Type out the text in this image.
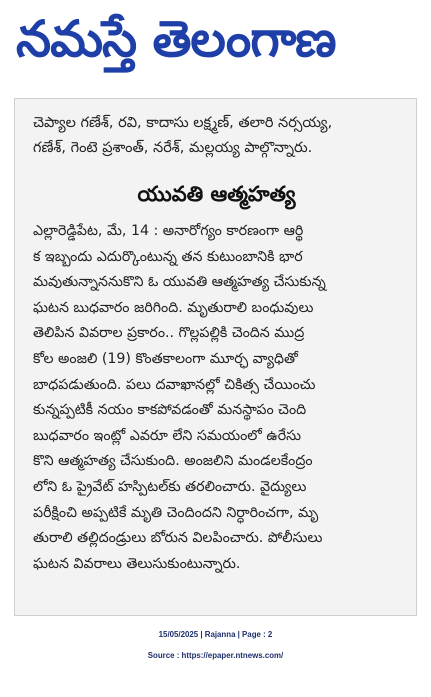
నమస్తే తెలంగాణ

చెప్యాల గణేశ్, రవి, కాదాసు లక్ష్మణ్, తలారి నర్సయ్య,

గణేశ్, గెంటె ప్రశాంత్, నరేశ్, మల్లయ్య పాల్గొన్నారు.

యువతి ఆత్మహత్య

ఎల్లారెడ్డిపేట, మే, 14 : అనారోగ్యం కారణంగా ఆర్థి

క ఇబ్బందు ఎదుర్కొంటున్న తన కుటుంబానికి భార

మవుతున్నాననుకొని ఓ యువతి ఆత్మహత్య చేసుకున్న

ఘటన బుధవారం జరిగింది. మృతురాలి బంధువులు

తెలిపిన వివరాల ప్రకారం.. గొల్లపల్లికి చెందిన ముద్ర

కోల అంజలి (19) కొంతకాలంగా మూర్ఛ వ్యాధితో

బాధపడుతుంది. పలు దవాఖానల్లో చికిత్స చేయించు

కున్నప్పటికీ నయం కాకపోవడంతో మనస్థాపం చెంది

బుధవారం ఇంట్లో ఎవరూ లేని సమయంలో ఉరేసు

కొని ఆత్మహత్య చేసుకుంది. అంజలిని మండలకేంద్రం

లోని ఓ ప్రైవేట్ హస్పిటల్‌కు తరలించారు. వైద్యులు

పరీక్షించి అప్పటికే మృతి చెందిందని నిర్ధారించగా, మృ

తురాలి తల్లిదండ్రులు బోరున విలపించారు. పోలీసులు

ఘటన వివరాలు తెలుసుకుంటున్నారు.

15/05/2025 | Rajanna | Page : 2
Source : https://epaper.ntnews.com/
